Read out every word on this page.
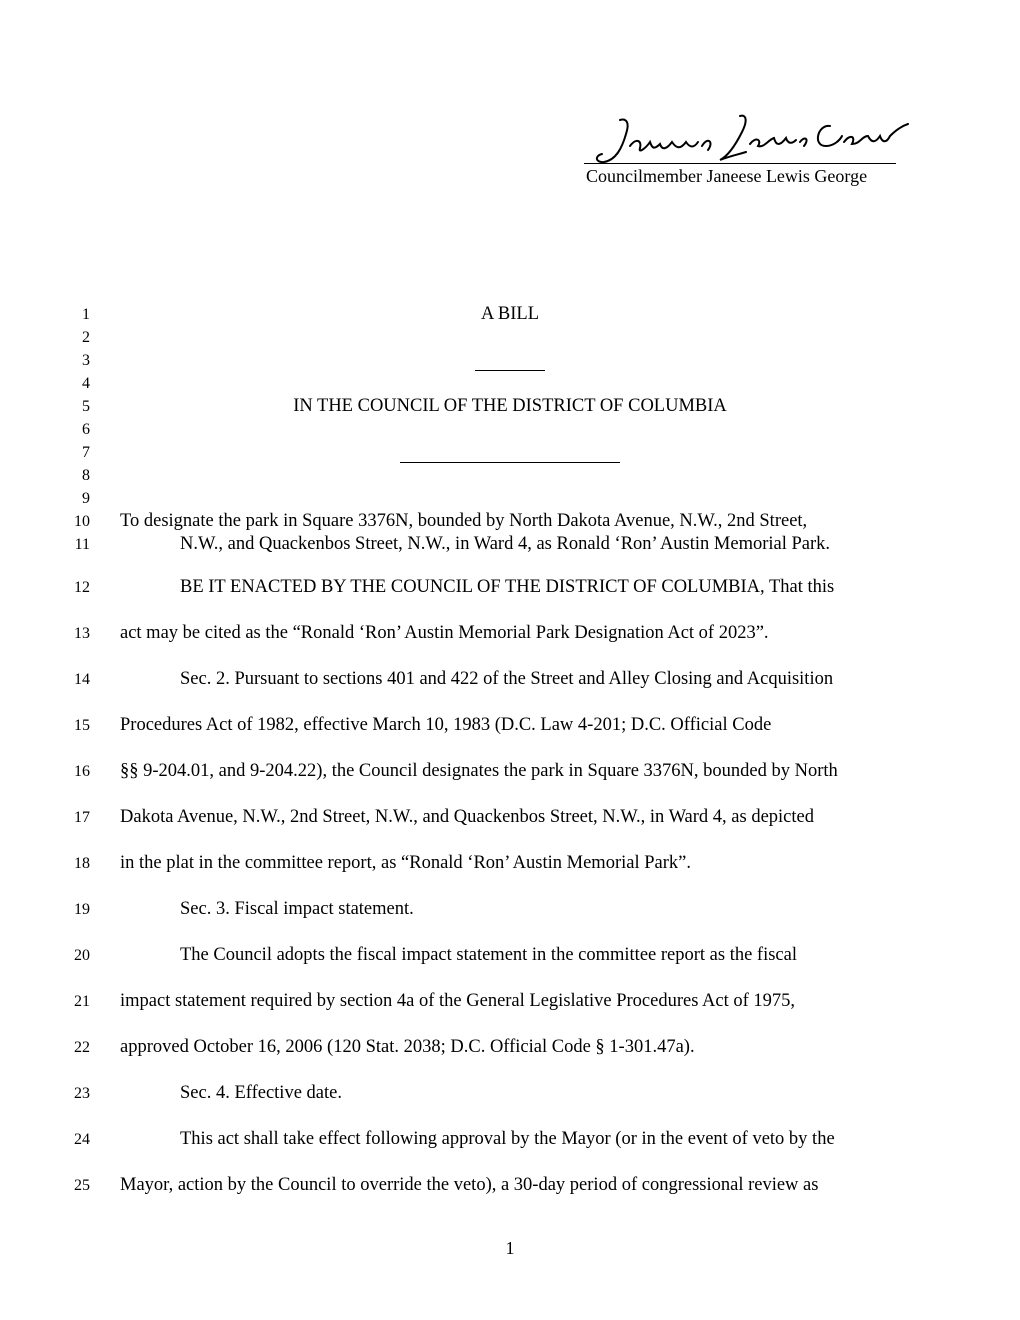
Councilmember Janeese Lewis George
1
2
3
4
5
6
7
8
9
10
11
12
13
14
15
16
17
18
19
20
21
22
23
24
25
A BILL
IN THE COUNCIL OF THE DISTRICT OF COLUMBIA
To designate the park in Square 3376N, bounded by North Dakota Avenue, N.W., 2nd Street,
N.W., and Quackenbos Street, N.W., in Ward 4, as Ronald ‘Ron’ Austin Memorial Park.
BE IT ENACTED BY THE COUNCIL OF THE DISTRICT OF COLUMBIA, That this
act may be cited as the “Ronald ‘Ron’ Austin Memorial Park Designation Act of 2023”.
Sec. 2. Pursuant to sections 401 and 422 of the Street and Alley Closing and Acquisition
Procedures Act of 1982, effective March 10, 1983 (D.C. Law 4-201; D.C. Official Code
§§ 9-204.01, and 9-204.22), the Council designates the park in Square 3376N, bounded by North
Dakota Avenue, N.W., 2nd Street, N.W., and Quackenbos Street, N.W., in Ward 4, as depicted
in the plat in the committee report, as “Ronald ‘Ron’ Austin Memorial Park”.
Sec. 3. Fiscal impact statement.
The Council adopts the fiscal impact statement in the committee report as the fiscal
impact statement required by section 4a of the General Legislative Procedures Act of 1975,
approved October 16, 2006 (120 Stat. 2038; D.C. Official Code § 1-301.47a).
Sec. 4. Effective date.
This act shall take effect following approval by the Mayor (or in the event of veto by the
Mayor, action by the Council to override the veto), a 30-day period of congressional review as
1
